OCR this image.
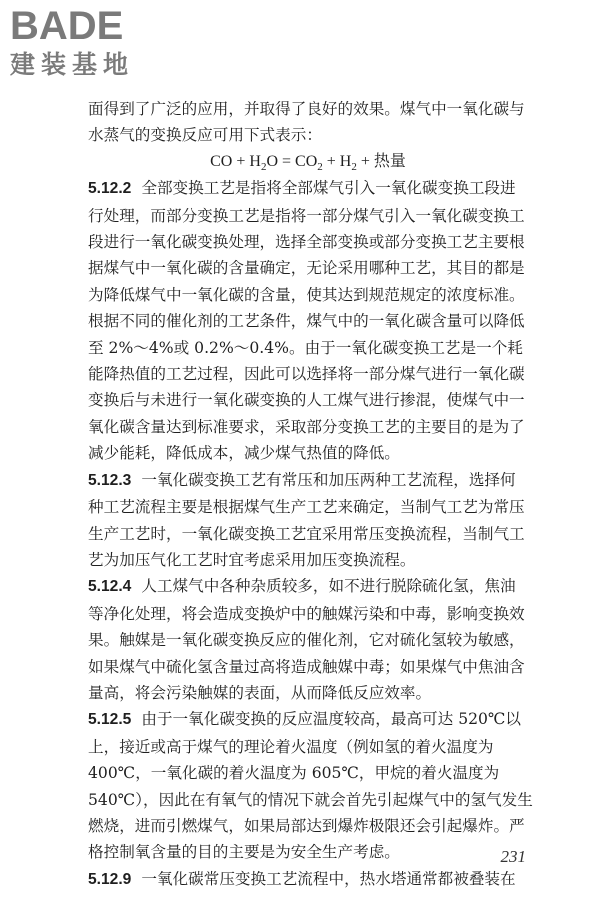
BADE
建装基地

面得到了广泛的应用，并取得了良好的效果。煤气中一氧化碳与
水蒸气的变换反应可用下式表示：

CO + $H_2O = CO_2 + H_2$ + 热量

5.12.2 全部变换工艺是指将全部煤气引入一氧化碳变换工段进
行处理，而部分变换工艺是指将一部分煤气引入一氧化碳变换工
段进行一氧化碳变换处理，选择全部变换或部分变换工艺主要根
据煤气中一氧化碳的含量确定，无论采用哪种工艺，其目的都是
为降低煤气中一氧化碳的含量，使其达到规范规定的浓度标准。
根据不同的催化剂的工艺条件，煤气中的一氧化碳含量可以降低
至 2%～4%或 0.2%～0.4%。由于一氧化碳变换工艺是一个耗
能降热值的工艺过程，因此可以选择将一部分煤气进行一氧化碳
变换后与未进行一氧化碳变换的人工煤气进行掺混，使煤气中一
氧化碳含量达到标准要求，采取部分变换工艺的主要目的是为了
减少能耗，降低成本，减少煤气热值的降低。

5.12.3 一氧化碳变换工艺有常压和加压两种工艺流程，选择何
种工艺流程主要是根据煤气生产工艺来确定，当制气工艺为常压
生产工艺时，一氧化碳变换工艺宜采用常压变换流程，当制气工
艺为加压气化工艺时宜考虑采用加压变换流程。

5.12.4 人工煤气中各种杂质较多，如不进行脱除硫化氢，焦油
等净化处理，将会造成变换炉中的触媒污染和中毒，影响变换效
果。触媒是一氧化碳变换反应的催化剂，它对硫化氢较为敏感，
如果煤气中硫化氢含量过高将造成触媒中毒；如果煤气中焦油含
量高，将会污染触媒的表面，从而降低反应效率。

5.12.5 由于一氧化碳变换的反应温度较高，最高可达 520℃以
上，接近或高于煤气的理论着火温度（例如氢的着火温度为
400℃，一氧化碳的着火温度为 605℃，甲烷的着火温度为
540℃），因此在有氧气的情况下就会首先引起煤气中的氢气发生
燃烧，进而引燃煤气，如果局部达到爆炸极限还会引起爆炸。严
格控制氧含量的目的主要是为安全生产考虑。

5.12.9 一氧化碳常压变换工艺流程中，热水塔通常都被叠装在

231
